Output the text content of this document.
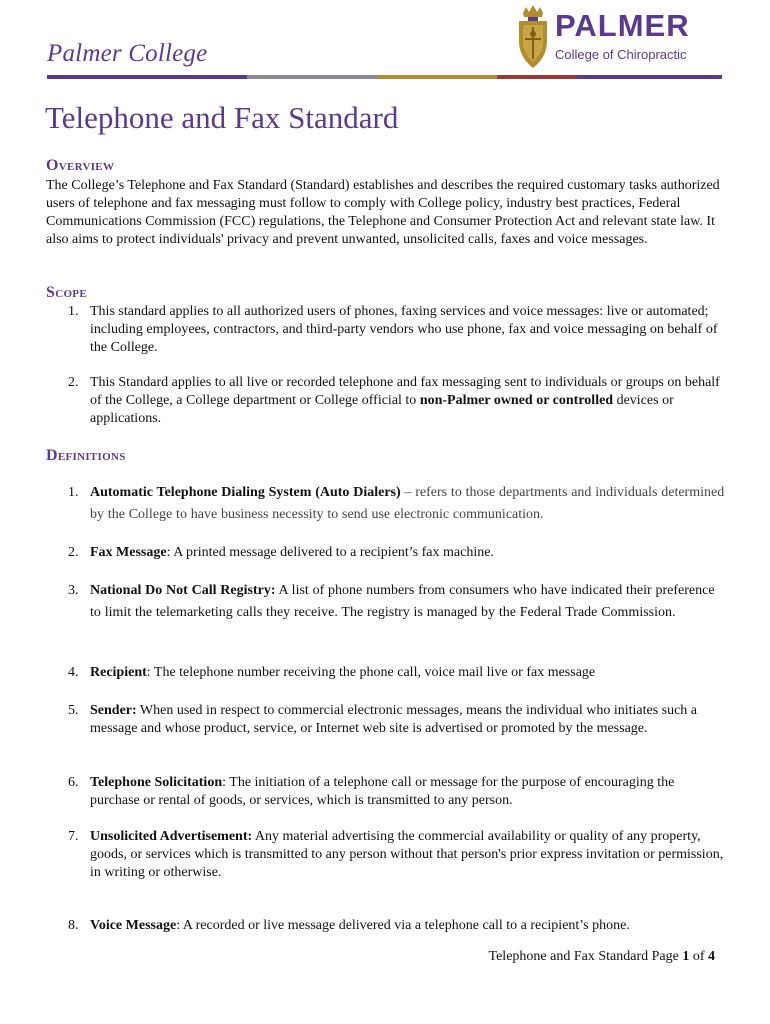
Palmer College
PALMER
College of Chiropractic
Telephone and Fax Standard
Overview

The College’s Telephone and Fax Standard (Standard) establishes and describes the required customary tasks authorized users of telephone and fax messaging must follow to comply with College policy, industry best practices, Federal Communications Commission (FCC) regulations, the Telephone and Consumer Protection Act and relevant state law. It also aims to protect individuals' privacy and prevent unwanted, unsolicited calls, faxes and voice messages.

Scope
1. This standard applies to all authorized users of phones, faxing services and voice messages: live or automated; including employees, contractors, and third-party vendors who use phone, fax and voice messaging on behalf of the College.
2. This Standard applies to all live or recorded telephone and fax messaging sent to individuals or groups on behalf of the College, a College department or College official to non-Palmer owned or controlled devices or applications.
Definitions
1. Automatic Telephone Dialing System (Auto Dialers) – refers to those departments and individuals determined by the College to have business necessity to send use electronic communication.
2. Fax Message: A printed message delivered to a recipient’s fax machine.
3. National Do Not Call Registry: A list of phone numbers from consumers who have indicated their preference to limit the telemarketing calls they receive. The registry is managed by the Federal Trade Commission.
4. Recipient: The telephone number receiving the phone call, voice mail live or fax message
5. Sender: When used in respect to commercial electronic messages, means the individual who initiates such a message and whose product, service, or Internet web site is advertised or promoted by the message.
6. Telephone Solicitation: The initiation of a telephone call or message for the purpose of encouraging the purchase or rental of goods, or services, which is transmitted to any person.
7. Unsolicited Advertisement: Any material advertising the commercial availability or quality of any property, goods, or services which is transmitted to any person without that person's prior express invitation or permission, in writing or otherwise.
8. Voice Message: A recorded or live message delivered via a telephone call to a recipient’s phone.
Telephone and Fax Standard Page 1 of 4
